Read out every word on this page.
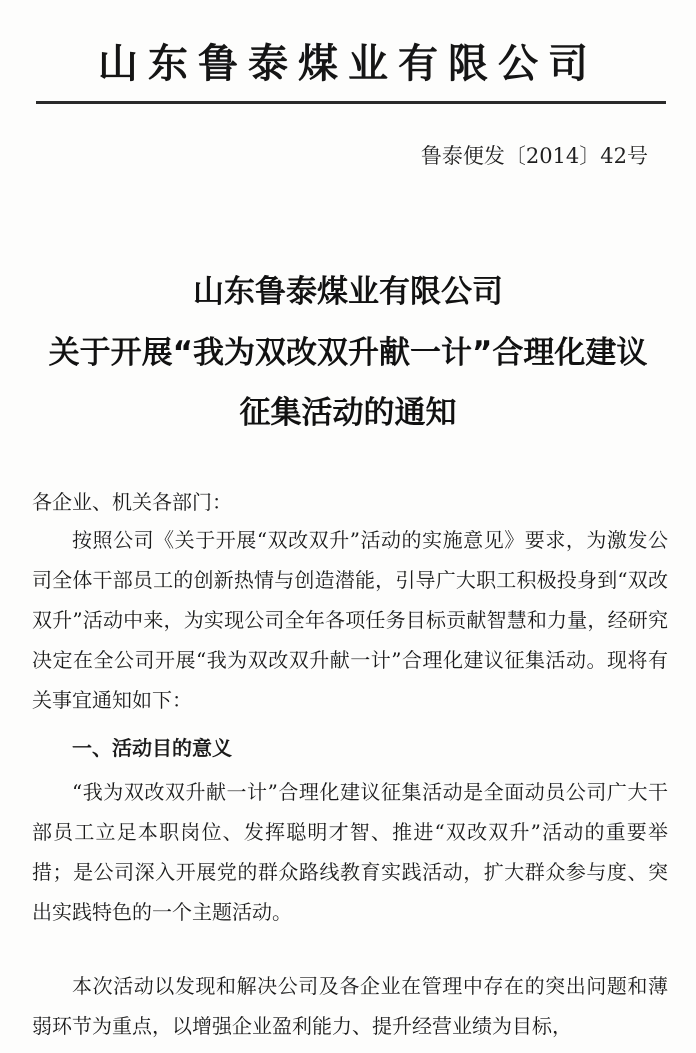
山东鲁泰煤业有限公司
鲁泰便发〔2014〕42号
山东鲁泰煤业有限公司
关于开展“我为双改双升献一计”合理化建议
征集活动的通知
各企业、机关各部门：
按照公司《关于开展“双改双升”活动的实施意见》要求，为激发公司全体干部员工的创新热情与创造潜能，引导广大职工积极投身到“双改双升”活动中来，为实现公司全年各项任务目标贡献智慧和力量，经研究决定在全公司开展“我为双改双升献一计”合理化建议征集活动。现将有关事宜通知如下：
一、活动目的意义
“我为双改双升献一计”合理化建议征集活动是全面动员公司广大干部员工立足本职岗位、发挥聪明才智、推进“双改双升”活动的重要举措；是公司深入开展党的群众路线教育实践活动，扩大群众参与度、突出实践特色的一个主题活动。
本次活动以发现和解决公司及各企业在管理中存在的突出问题和薄弱环节为重点，以增强企业盈利能力、提升经营业绩为目标，
